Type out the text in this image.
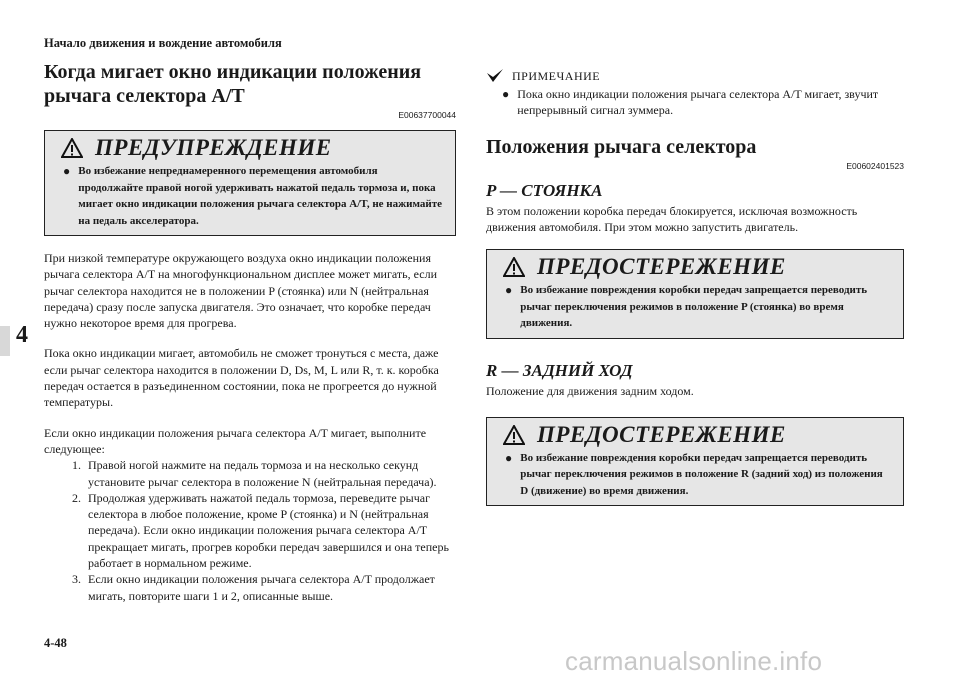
Начало движения и вождение автомобиля
4
4-48
carmanualsonline.info
Когда мигает окно индикации положения рычага селектора A/T
E00637700044
ПРЕДУПРЕЖДЕНИЕ
● Во избежание непреднамеренного перемещения автомобиля продолжайте правой ногой удерживать нажатой педаль тормоза и, пока мигает окно индикации положения рычага селектора A/T, не нажимайте на педаль акселератора.

При низкой температуре окружающего воздуха окно индикации положения рычага селектора A/T на многофункциональном дисплее может мигать, если рычаг селектора находится не в положении P (стоянка) или N (нейтральная передача) сразу после запуска двигателя. Это означает, что коробке передач нужно некоторое время для прогрева.

Пока окно индикации мигает, автомобиль не сможет тронуться с места, даже если рычаг селектора находится в положении D, Ds, M, L или R, т. к. коробка передач остается в разъединенном состоянии, пока не прогреется до нужной температуры.

Если окно индикации положения рычага селектора A/T мигает, выполните следующее:

1. Правой ногой нажмите на педаль тормоза и на несколько секунд установите рычаг селектора в положение N (нейтральная передача).
2. Продолжая удерживать нажатой педаль тормоза, переведите рычаг селектора в любое положение, кроме P (стоянка) и N (нейтральная передача). Если окно индикации положения рычага селектора A/T прекращает мигать, прогрев коробки передач завершился и она теперь работает в нормальном режиме.
3. Если окно индикации положения рычага селектора A/T продолжает мигать, повторите шаги 1 и 2, описанные выше.
ПРИМЕЧАНИЕ
● Пока окно индикации положения рычага селектора A/T мигает, звучит непрерывный сигнал зуммера.
Положения рычага селектора
E00602401523
P — СТОЯНКА

В этом положении коробка передач блокируется, исключая возможность движения автомобиля. При этом можно запустить двигатель.

ПРЕДОСТЕРЕЖЕНИЕ
● Во избежание повреждения коробки передач запрещается переводить рычаг переключения режимов в положение P (стоянка) во время движения.
R — ЗАДНИЙ ХОД

Положение для движения задним ходом.

ПРЕДОСТЕРЕЖЕНИЕ
● Во избежание повреждения коробки передач запрещается переводить рычаг переключения режимов в положение R (задний ход) из положения D (движение) во время движения.
